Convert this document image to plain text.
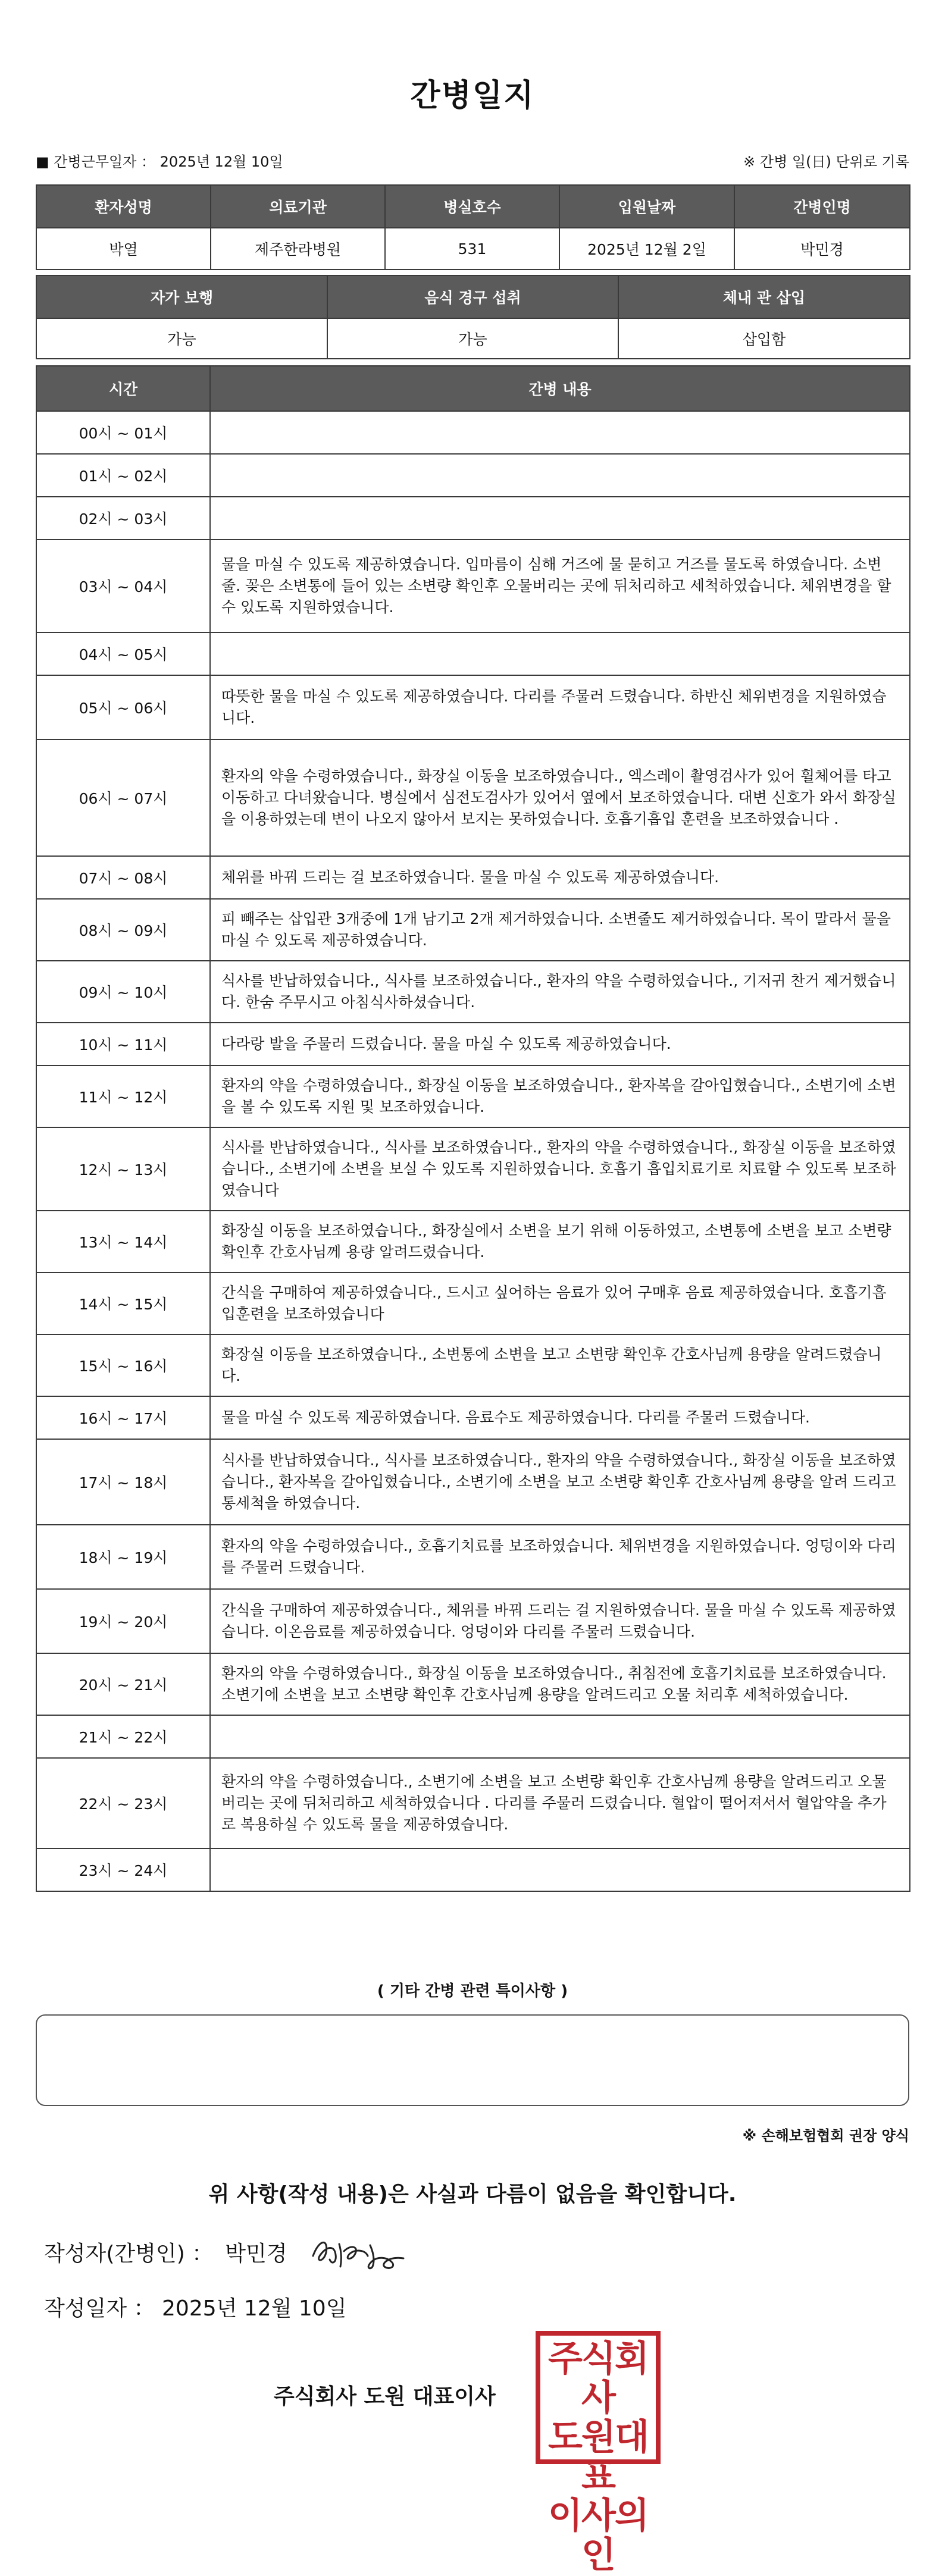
간병일지
■ 간병근무일자 ： 2025년 12월 10일	※ 간병 일(日) 단위로 기록
환자성명	의료기관	병실호수	입원날짜	간병인명
박열	제주한라병원	531	2025년 12월 2일	박민경
자가 보행	음식 경구 섭취	체내 관 삽입
가능	가능	삽입함
시간	간병 내용
00시 ~ 01시	
01시 ~ 02시	
02시 ~ 03시	
03시 ~ 04시	물을 마실 수 있도록 제공하였습니다. 입마름이 심해 거즈에 물 묻히고 거즈를 물도록 하였습니다. 소변줄. 꽂은 소변통에 들어 있는 소변량 확인후 오물버리는 곳에 뒤처리하고 세척하였습니다. 체위변경을 할 수 있도록 지원하였습니다.
04시 ~ 05시	
05시 ~ 06시	따뜻한 물을 마실 수 있도록 제공하였습니다. 다리를 주물러 드렸습니다. 하반신 체위변경을 지원하였습니다.
06시 ~ 07시	환자의 약을 수령하였습니다., 화장실 이동을 보조하였습니다., 엑스레이 촬영검사가 있어 휠체어를 타고 이동하고 다녀왔습니다. 병실에서 심전도검사가 있어서 옆에서 보조하였습니다. 대변 신호가 와서 화장실을 이용하였는데 변이 나오지 않아서 보지는 못하였습니다. 호흡기흡입 훈련을 보조하였습니다 .
07시 ~ 08시	체위를 바꿔 드리는 걸 보조하였습니다. 물을 마실 수 있도록 제공하였습니다.
08시 ~ 09시	피 빼주는 삽입관 3개중에 1개 남기고 2개 제거하였습니다. 소변줄도 제거하였습니다. 목이 말라서 물을 마실 수 있도록 제공하였습니다.
09시 ~ 10시	식사를 반납하였습니다., 식사를 보조하였습니다., 환자의 약을 수령하였습니다., 기저귀 찬거 제거했습니다. 한숨 주무시고 아침식사하셨습니다.
10시 ~ 11시	다라랑 발을 주물러 드렸습니다. 물을 마실 수 있도록 제공하였습니다.
11시 ~ 12시	환자의 약을 수령하였습니다., 화장실 이동을 보조하였습니다., 환자복을 갈아입혔습니다., 소변기에 소변을 볼 수 있도록 지원 및 보조하였습니다.
12시 ~ 13시	식사를 반납하였습니다., 식사를 보조하였습니다., 환자의 약을 수령하였습니다., 화장실 이동을 보조하였습니다., 소변기에 소변을 보실 수 있도록 지원하였습니다. 호흡기 흡입치료기로 치료할 수 있도록 보조하였습니다
13시 ~ 14시	화장실 이동을 보조하였습니다., 화장실에서 소변을 보기 위해 이동하였고, 소변통에 소변을 보고 소변량 확인후 간호사님께 용량 알려드렸습니다.
14시 ~ 15시	간식을 구매하여 제공하였습니다., 드시고 싶어하는 음료가 있어 구매후 음료 제공하였습니다. 호흡기흡입훈련을 보조하였습니다
15시 ~ 16시	화장실 이동을 보조하였습니다., 소변통에 소변을 보고 소변량 확인후 간호사님께 용량을 알려드렸습니다.
16시 ~ 17시	물을 마실 수 있도록 제공하였습니다. 음료수도 제공하였습니다. 다리를 주물러 드렸습니다.
17시 ~ 18시	식사를 반납하였습니다., 식사를 보조하였습니다., 환자의 약을 수령하였습니다., 화장실 이동을 보조하였습니다., 환자복을 갈아입혔습니다., 소변기에 소변을 보고 소변량 확인후 간호사님께 용량을 알려 드리고 통세척을 하였습니다.
18시 ~ 19시	환자의 약을 수령하였습니다., 호흡기치료를 보조하였습니다. 체위변경을 지원하였습니다. 엉덩이와 다리를 주물러 드렸습니다.
19시 ~ 20시	간식을 구매하여 제공하였습니다., 체위를 바꿔 드리는 걸 지원하였습니다. 물을 마실 수 있도록 제공하였습니다. 이온음료를 제공하였습니다. 엉덩이와 다리를 주물러 드렸습니다.
20시 ~ 21시	환자의 약을 수령하였습니다., 화장실 이동을 보조하였습니다., 취침전에 호흡기치료를 보조하였습니다. 소변기에 소변을 보고 소변량 확인후 간호사님께 용량을 알려드리고 오물 처리후 세척하였습니다.
21시 ~ 22시	
22시 ~ 23시	환자의 약을 수령하였습니다., 소변기에 소변을 보고 소변량 확인후 간호사님께 용량을 알려드리고 오물버리는 곳에 뒤처리하고 세척하였습니다 . 다리를 주물러 드렸습니다. 혈압이 떨어져서서 혈압약을 추가로 복용하실 수 있도록 물을 제공하였습니다.
23시 ~ 24시	
( 기타 간병 관련 특이사항 )
※ 손해보험협회 권장 양식
위 사항(작성 내용)은 사실과 다름이 없음을 확인합니다.
작성자(간병인) ： 박민경
작성일자 ： 2025년 12월 10일
주식회사 도원 대표이사
주식회사
도원대표
이사의인
